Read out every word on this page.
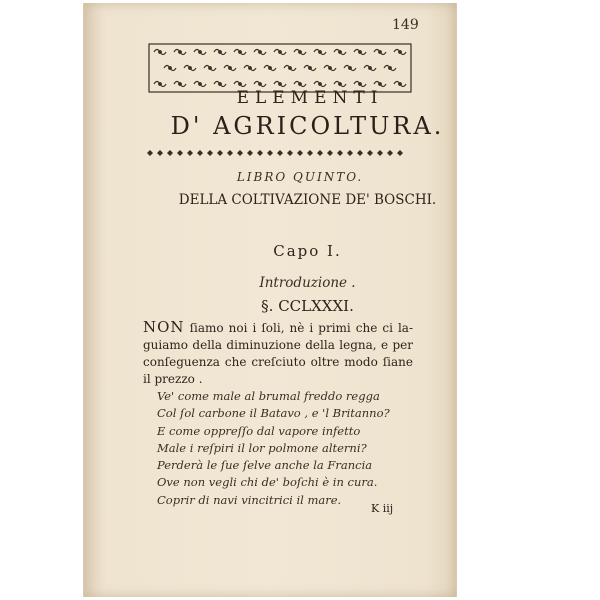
149
ELEMENTI
D' AGRICOLTURA.
LIBRO QUINTO.
DELLA COLTIVAZIONE DE' BOSCHI.
Capo I.
Introduzione .
§. CCLXXXI.
NON ſiamo noi i ſoli, nè i primi che ci la- guiamo della diminuzione della legna, e per conſeguenza che creſciuto oltre modo ſiane il prezzo .
Ve' come male al brumal freddo regga
Col ſol carbone il Batavo , e 'l Britanno?
E come oppreſſo dal vapore infetto
Male i reſpiri il lor polmone alterni?
Perderà le ſue ſelve anche la Francia
Ove non vegli chi de' boſchi è in cura.
Coprir di navi vincitrici il mare.
K iij
